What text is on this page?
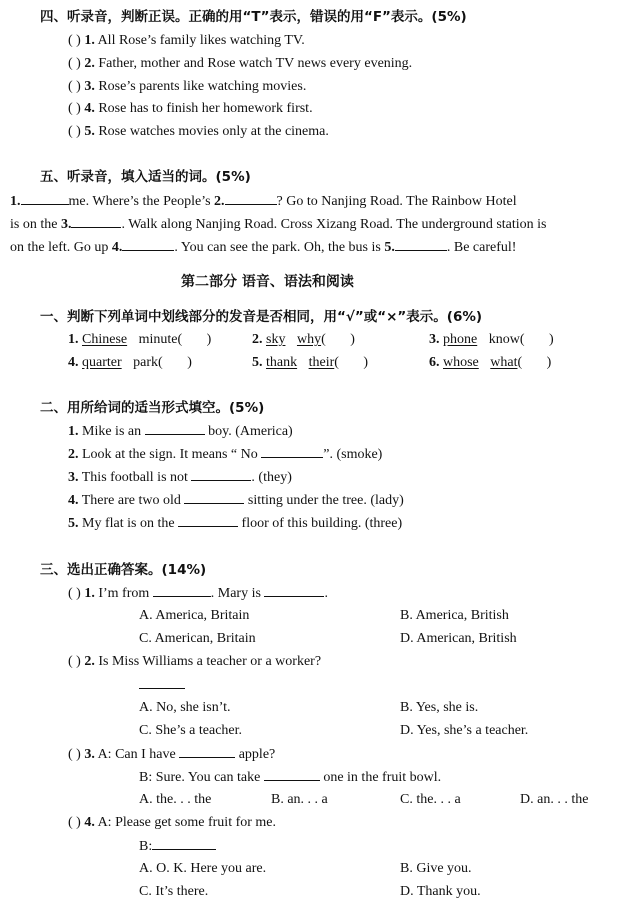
四、听录音，判断正误。正确的用“T”表示，错误的用“F”表示。(5%)
( ) 1. All Rose’s family likes watching TV.
( ) 2. Father, mother and Rose watch TV news every evening.
( ) 3. Rose’s parents like watching movies.
( ) 4. Rose has to finish her homework first.
( ) 5. Rose watches movies only at the cinema.
五、听录音，填入适当的词。(5%)
1.	me. Where’s the People’s 2.	? Go to Nanjing Road. The Rainbow Hotel
is on the 3.	. Walk along Nanjing Road. Cross Xizang Road. The underground station is
on the left. Go up 4.	. You can see the park. Oh, the bus is 5.	. Be careful!
第二部分 语音、语法和阅读
一、判断下列单词中划线部分的发音是否相同，用“√”或“×”表示。(6%)
1. Chinese minute(       )	2. sky why(       )	3. phone know(       )
4. quarter park(       )	5. thank their(       )	6. whose what(       )
二、用所给词的适当形式填空。(5%)
1. Mike is an	boy. (America)
2. Look at the sign. It means “ No	”. (smoke)
3. This football is not	. (they)
4. There are two old	sitting under the tree. (lady)
5. My flat is on the	floor of this building. (three)
三、选出正确答案。(14%)
( ) 1. I’m from	. Mary is	.
A. America, Britain	B. America, British
C. American, Britain	D. American, British
( ) 2. Is Miss Williams a teacher or a worker?
A. No, she isn’t.	B. Yes, she is.
C. She’s a teacher.	D. Yes, she’s a teacher.
( ) 3. A: Can I have	apple?
B: Sure. You can take	one in the fruit bowl.
A. the. . . the	B. an. . . a	C. the. . . a	D. an. . . the
( ) 4. A: Please get some fruit for me.
B:
A. O. K. Here you are.	B. Give you.
C. It’s there.	D. Thank you.
